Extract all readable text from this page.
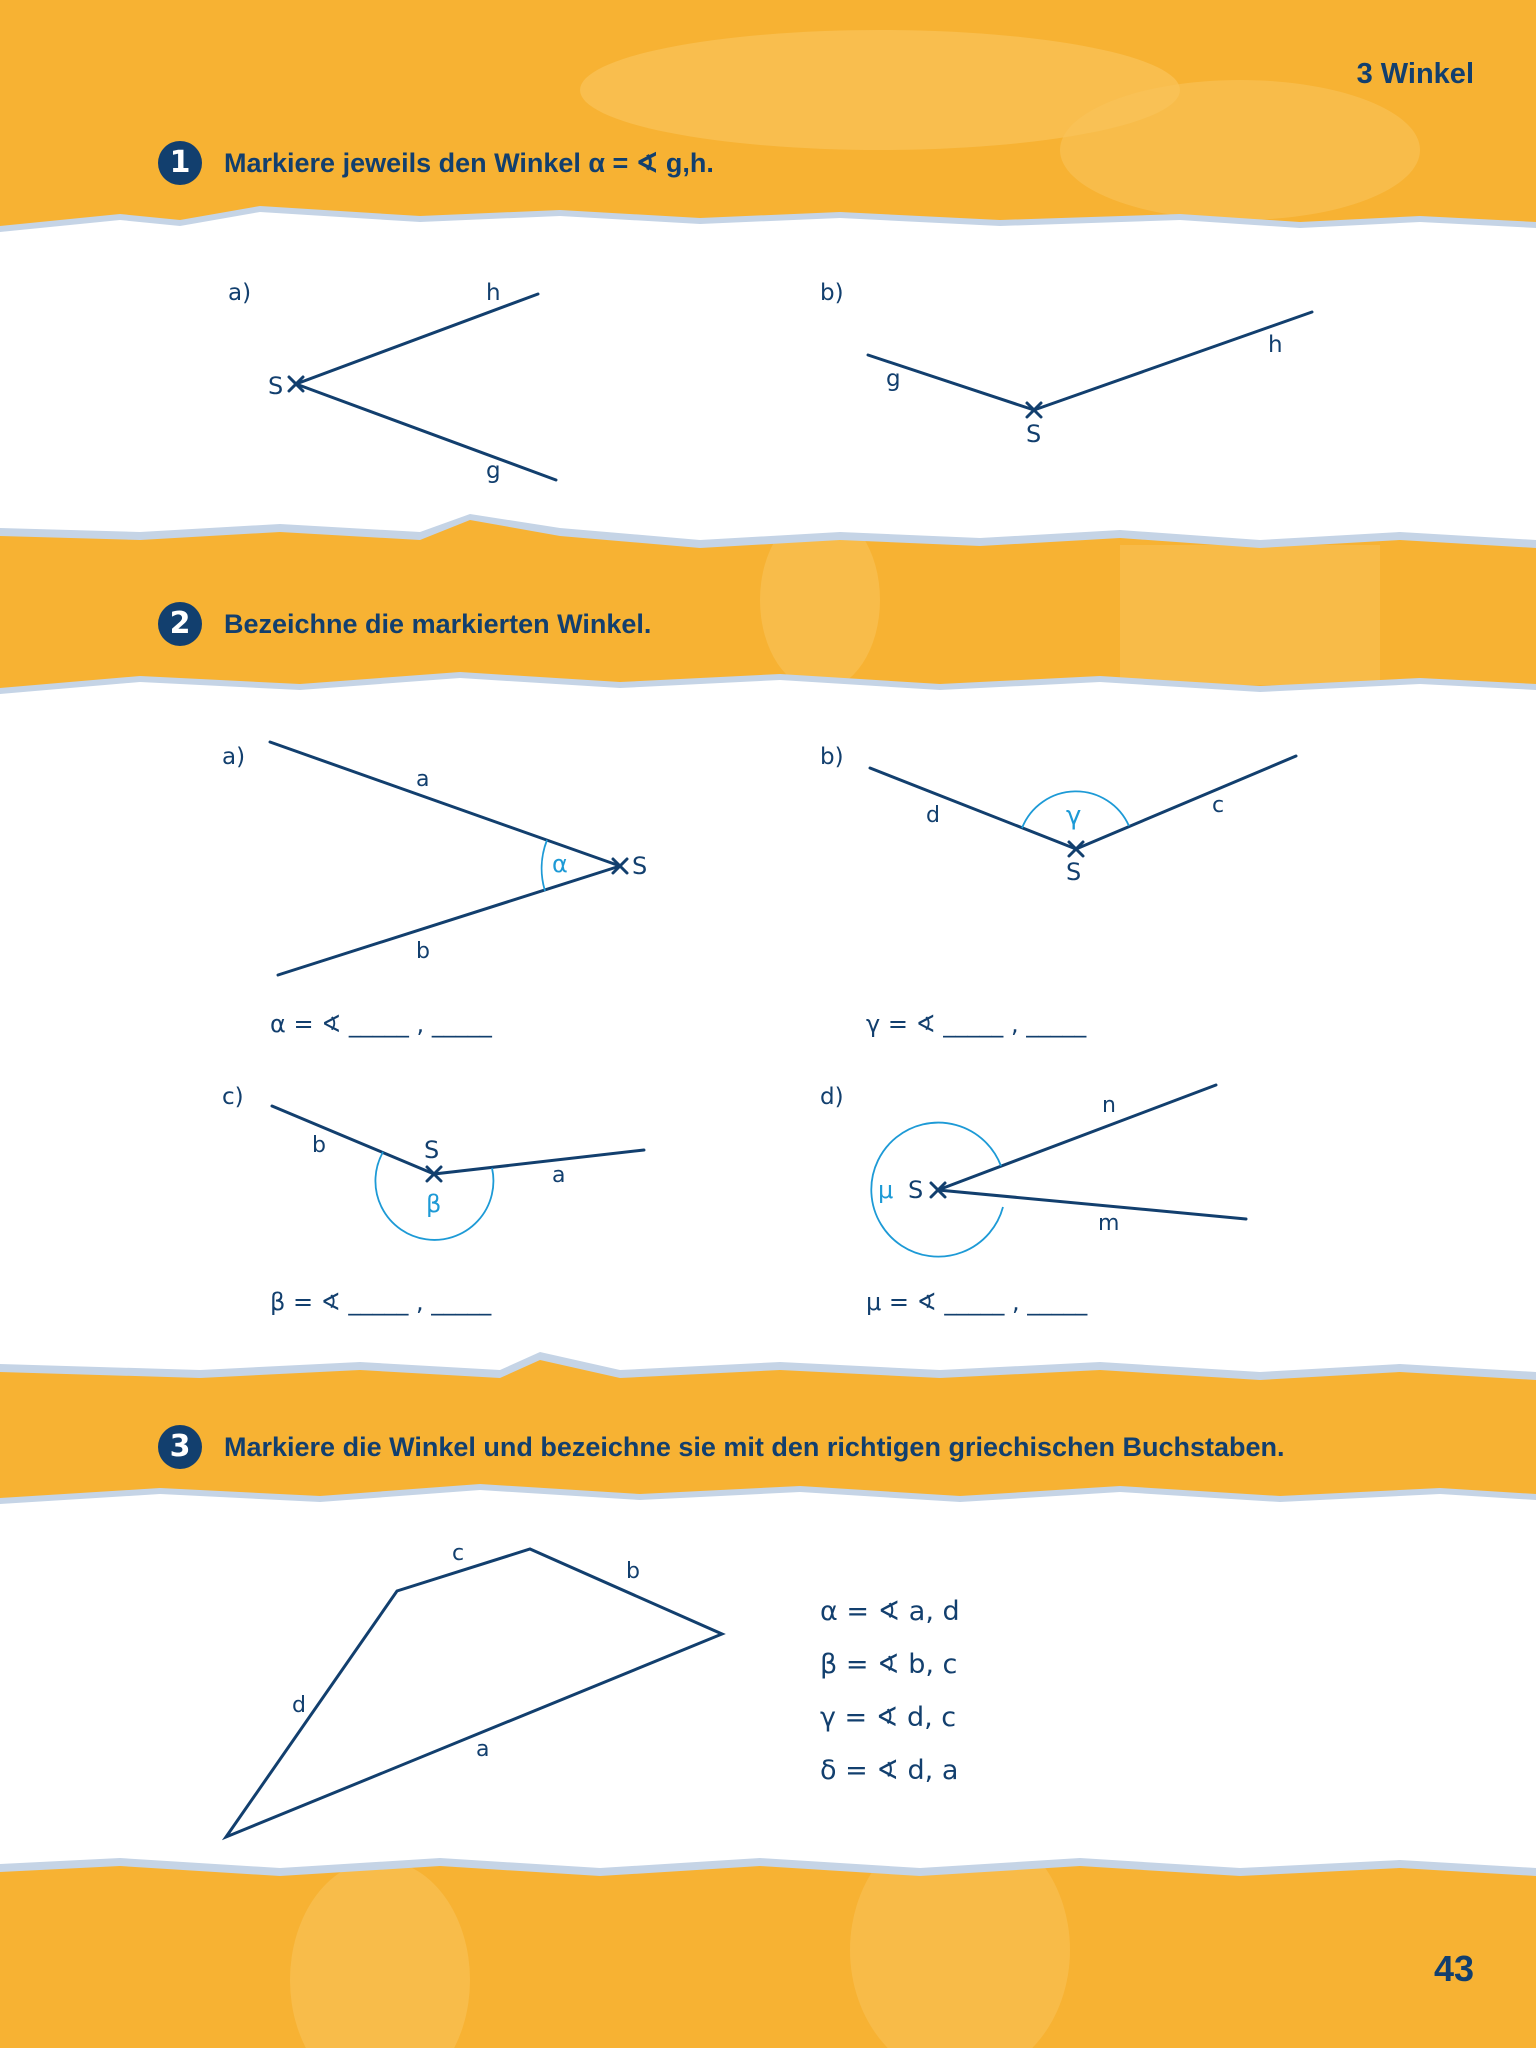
3 Winkel
1	Markiere jeweils den Winkel α = ∢ g,h.
2	Bezeichne die markierten Winkel.
3	Markiere die Winkel und bezeichne sie mit den richtigen griechischen Buchstaben.
a)
S
h
g
b)
g
h
S
a)
a
b
S
α
α = ∢ _____ , _____
b)
d	c
S
γ
γ = ∢ _____ , _____
c)
b
a
S
β
β = ∢ _____ , _____
d)	n
m
S
μ
μ = ∢ _____ , _____
c
b
d
a
α = ∢ a, d
β = ∢ b, c
γ = ∢ d, c
δ = ∢ d, a
43
